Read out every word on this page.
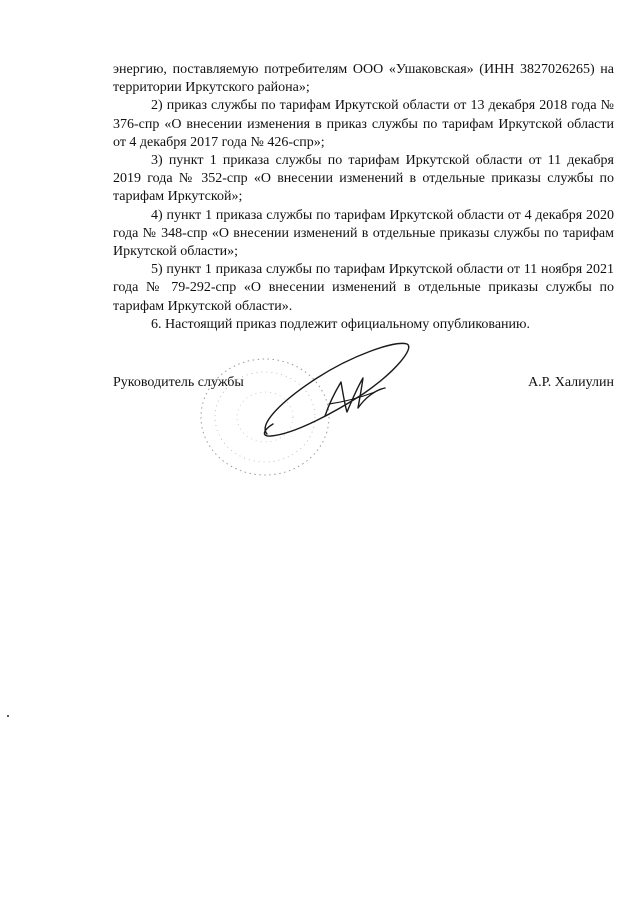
энергию, поставляемую потребителям ООО «Ушаковская» (ИНН 3827026265) на территории Иркутского района»;

2) приказ службы по тарифам Иркутской области от 13 декабря 2018 года № 376-спр «О внесении изменения в приказ службы по тарифам Иркутской области от 4 декабря 2017 года № 426-спр»;

3) пункт 1 приказа службы по тарифам Иркутской области от 11 декабря 2019 года № 352-спр «О внесении изменений в отдельные приказы службы по тарифам Иркутской»;

4) пункт 1 приказа службы по тарифам Иркутской области от 4 декабря 2020 года № 348-спр «О внесении изменений в отдельные приказы службы по тарифам Иркутской области»;

5) пункт 1 приказа службы по тарифам Иркутской области от 11 ноября 2021 года № 79-292-спр «О внесении изменений в отдельные приказы службы по тарифам Иркутской области».

6. Настоящий приказ подлежит официальному опубликованию.

Руководитель службы	А.Р. Халиулин
